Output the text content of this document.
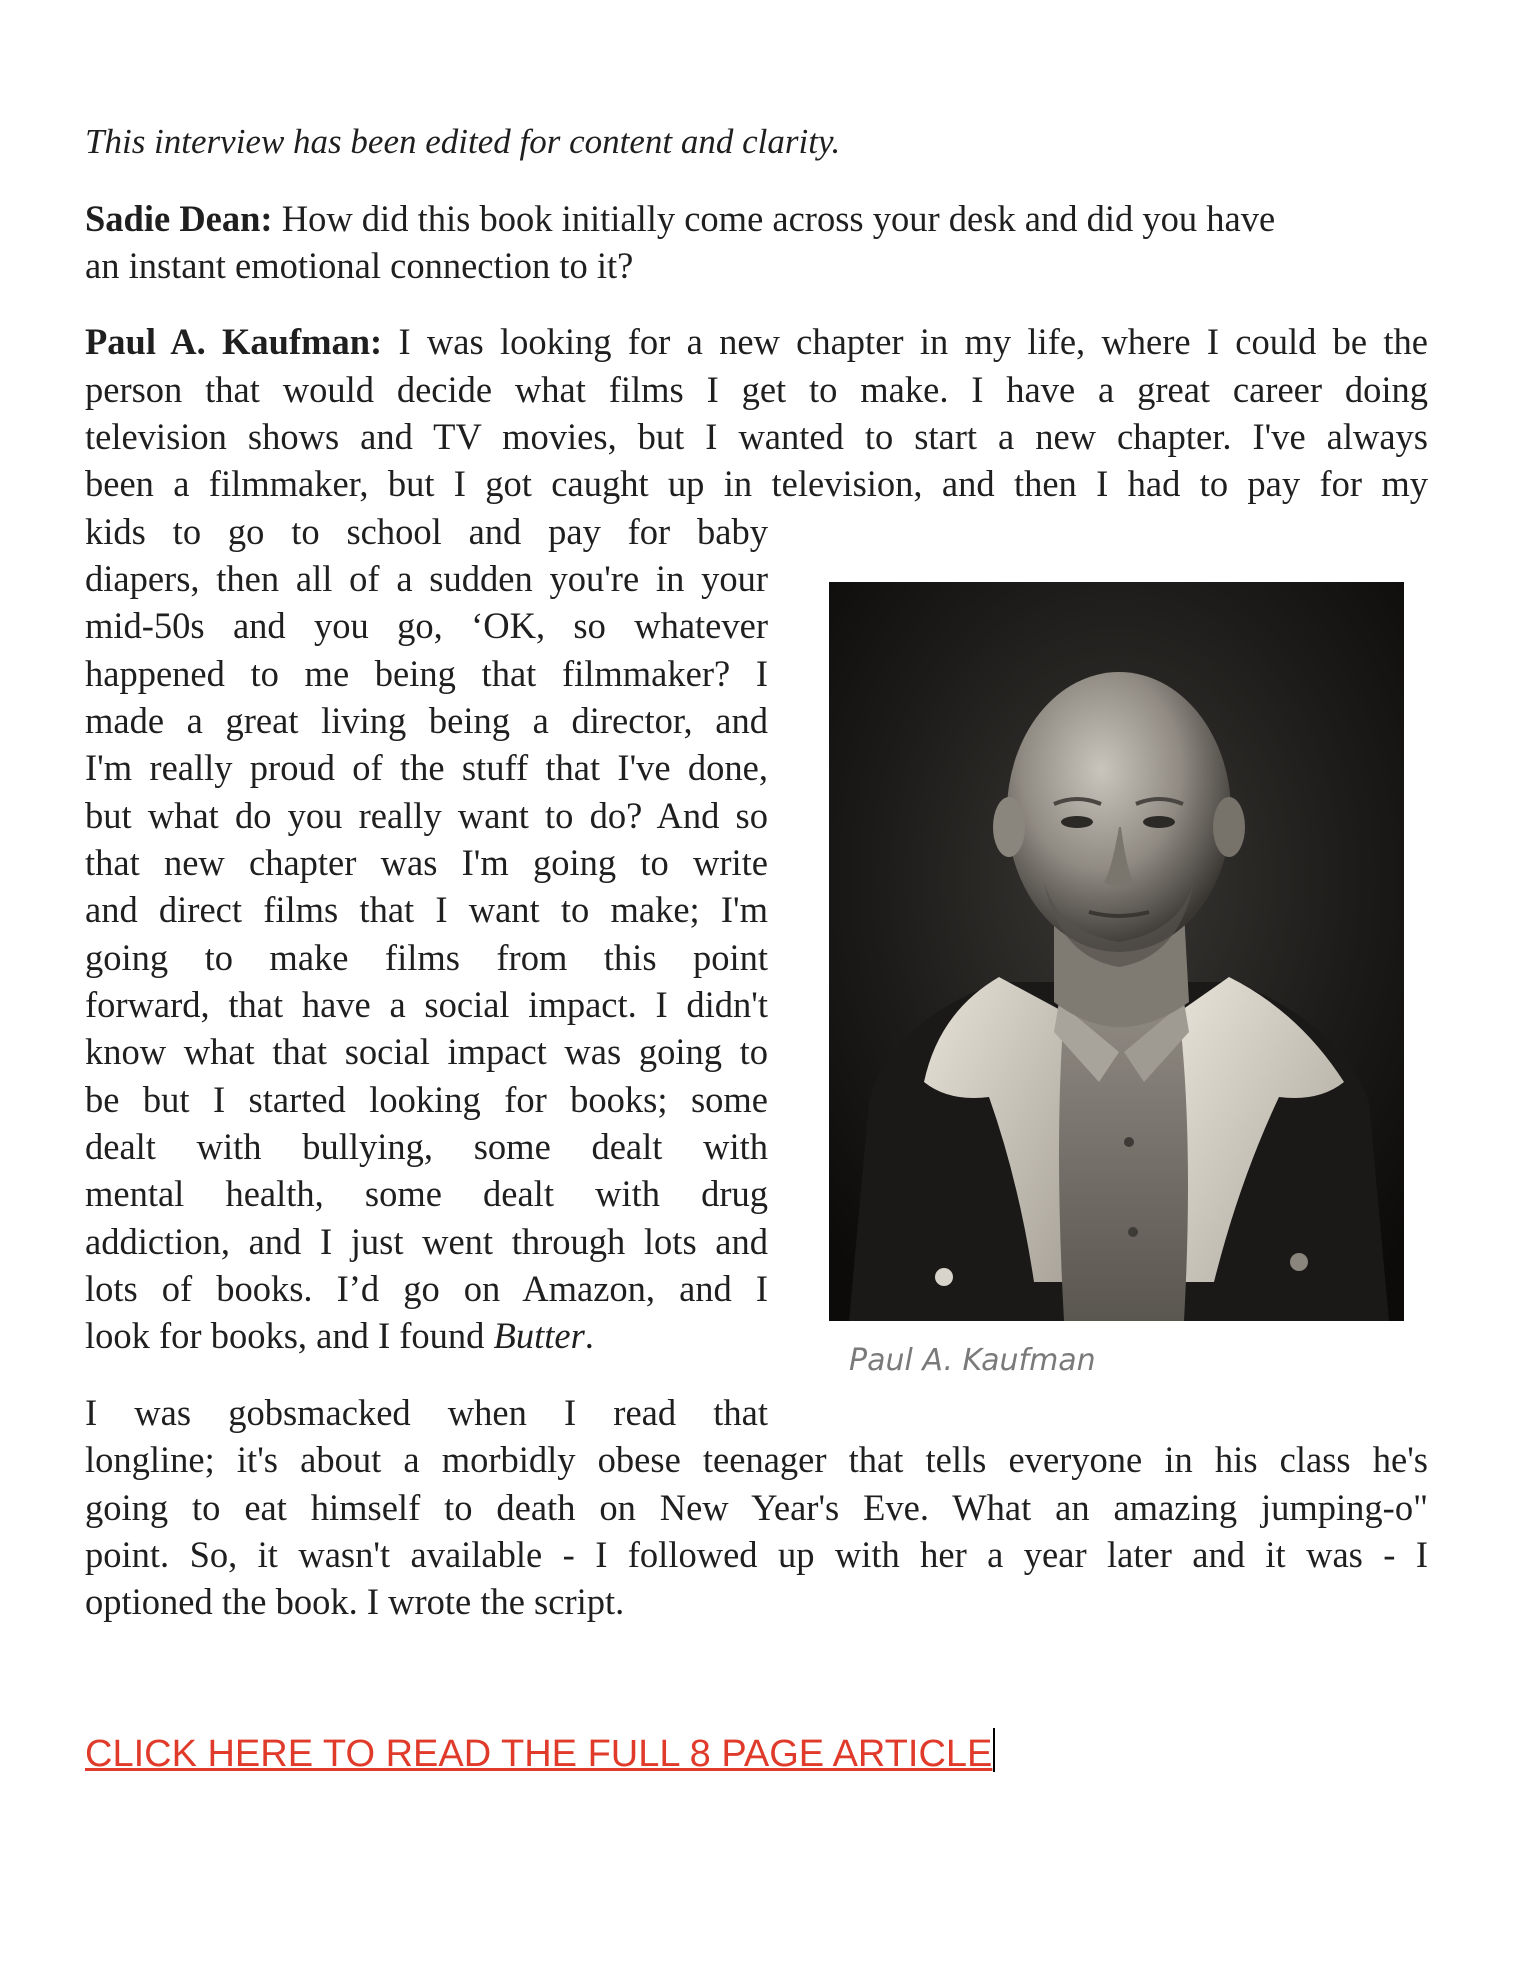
This interview has been edited for content and clarity.
Sadie Dean: How did this book initially come across your desk and did you have
an instant emotional connection to it?
Paul A. Kaufman: I was looking for a new chapter in my life, where I could be the
person that would decide what films I get to make. I have a great career doing
television shows and TV movies, but I wanted to start a new chapter. I've always
been a filmmaker, but I got caught up in television, and then I had to pay for my
kids to go to school and pay for baby
diapers, then all of a sudden you're in your
mid-50s and you go, ‘OK, so whatever
happened to me being that filmmaker? I
made a great living being a director, and
I'm really proud of the stuff that I've done,
but what do you really want to do? And so
that new chapter was I'm going to write
and direct films that I want to make; I'm
going to make films from this point
forward, that have a social impact. I didn't
know what that social impact was going to
be but I started looking for books; some
dealt with bullying, some dealt with
mental health, some dealt with drug
addiction, and I just went through lots and
lots of books. I’d go on Amazon, and I
look for books, and I found Butter.
I was gobsmacked when I read that
longline; it's about a morbidly obese teenager that tells everyone in his class he's
going to eat himself to death on New Year's Eve. What an amazing jumping-o"
point. So, it wasn't available - I followed up with her a year later and it was - I
optioned the book. I wrote the script.
Paul A. Kaufman
CLICK HERE TO READ THE FULL 8 PAGE ARTICLE
